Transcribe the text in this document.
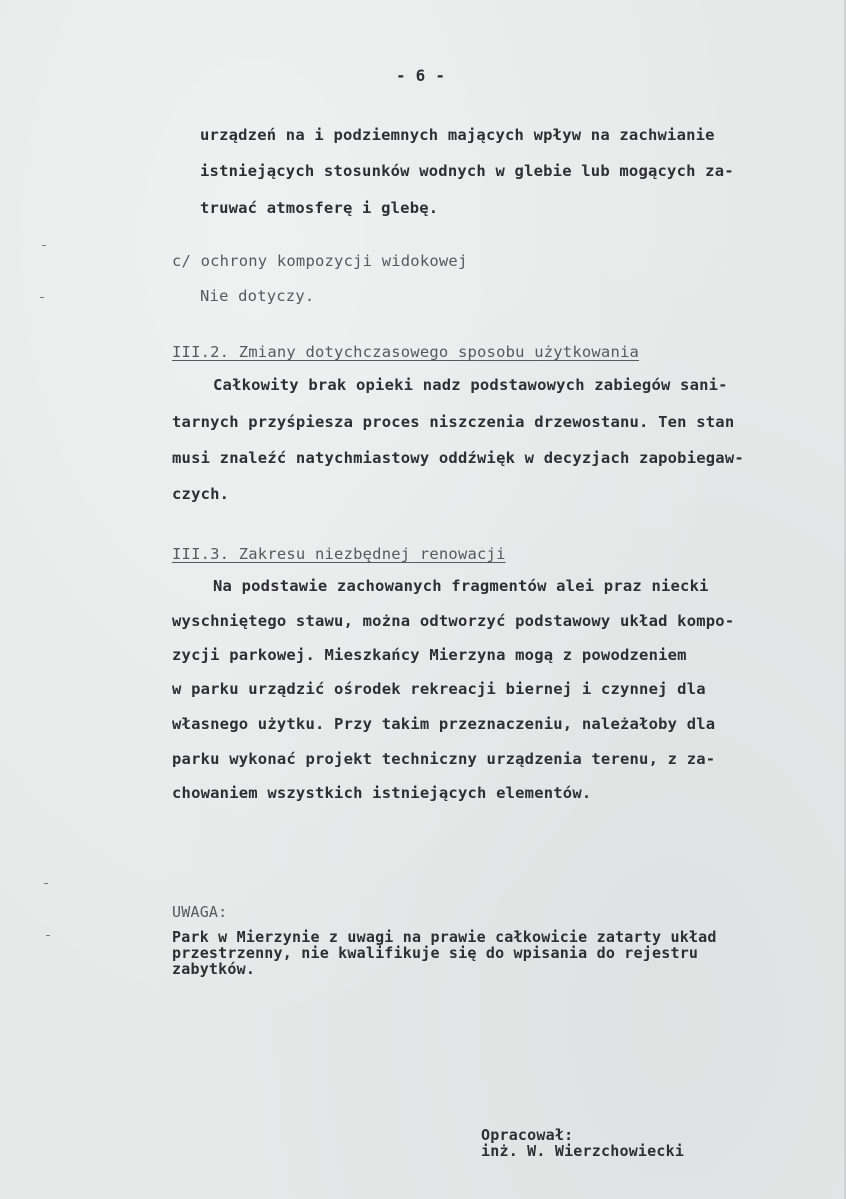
- 6 -
urządzeń na i podziemnych mających wpływ na zachwianie
istniejących stosunków wodnych w glebie lub mogących za-
truwać atmosferę i glebę.
c/ ochrony kompozycji widokowej
Nie dotyczy.
III.2. Zmiany dotychczasowego sposobu użytkowania
Całkowity brak opieki nadz podstawowych zabiegów sani-
tarnych przyśpiesza proces niszczenia drzewostanu. Ten stan
musi znaleźć natychmiastowy oddźwięk w decyzjach zapobiegaw-
czych.
III.3. Zakresu niezbędnej renowacji
Na podstawie zachowanych fragmentów alei praz niecki
wyschniętego stawu, można odtworzyć podstawowy układ kompo-
zycji parkowej. Mieszkańcy Mierzyna mogą z powodzeniem
w parku urządzić ośrodek rekreacji biernej i czynnej dla
własnego użytku. Przy takim przeznaczeniu, należałoby dla
parku wykonać projekt techniczny urządzenia terenu, z za-
chowaniem wszystkich istniejących elementów.
UWAGA:
Park w Mierzynie z uwagi na prawie całkowicie zatarty układ
przestrzenny, nie kwalifikuje się do wpisania do rejestru
zabytków.
Opracował:
inż. W. Wierzchowiecki
